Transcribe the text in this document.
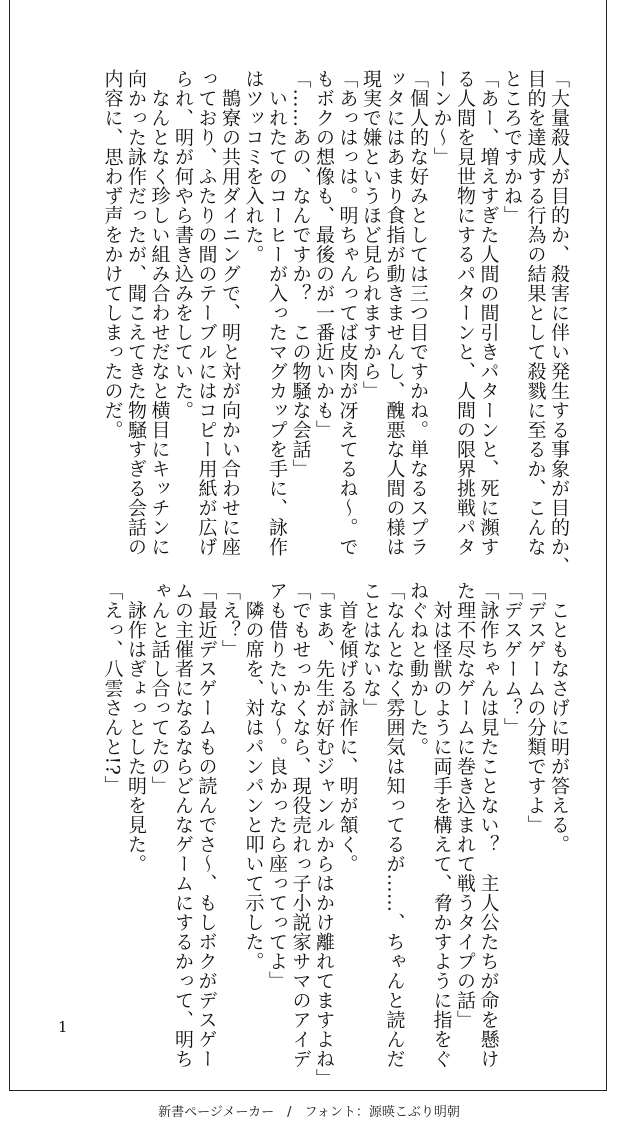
「大量殺人が目的か、殺害に伴い発生する事象が目的か、

目的を達成する行為の結果として殺戮に至るか、こんな

ところですかね」

「あー、増えすぎた人間の間引きパターンと、死に瀕す

る人間を見世物にするパターンと、人間の限界挑戦パタ

ーンか〜」

「個人的な好みとしては三つ目ですかね。単なるスプラ

ッタにはあまり食指が動きませんし、醜悪な人間の様は

現実で嫌というほど見られますから」

「あっはっは。明ちゃんってば皮肉が冴えてるね〜。で

もボクの想像も、最後のが一番近いかも」

「……あの、なんですか？　この物騒な会話」

　いれたてのコーヒーが入ったマグカップを手に、詠作

はツッコミを入れた。

　鵲寮の共用ダイニングで、明と対が向かい合わせに座

っており、ふたりの間のテーブルにはコピー用紙が広げ

られ、明が何やら書き込みをしていた。

　なんとなく珍しい組み合わせだなと横目にキッチンに

向かった詠作だったが、聞こえてきた物騒すぎる会話の

内容に、思わず声をかけてしまったのだ。

　こともなさげに明が答える。

「デスゲームの分類ですよ」

「デスゲーム？」

「詠作ちゃんは見たことない？　主人公たちが命を懸け

た理不尽なゲームに巻き込まれて戦うタイプの話」

　対は怪獣のように両手を構えて、脅かすように指をぐ

ねぐねと動かした。

「なんとなく雰囲気は知ってるが……、ちゃんと読んだ

ことはないな」

　首を傾げる詠作に、明が頷く。

「まあ、先生が好むジャンルからはかけ離れてますよね」

「でもせっかくなら、現役売れっ子小説家サマのアイデ

アも借りたいな〜。良かったら座ってってよ」

　隣の席を、対はパンパンと叩いて示した。

「え？」

「最近デスゲームもの読んでさ〜、もしボクがデスゲー

ムの主催者になるならどんなゲームにするかって、明ち

ゃんと話し合ってたの」

　詠作はぎょっとした明を見た。

「えっ、八雲さんと!?」

1
新書ページメーカー　/　フォント：源暎こぶり明朝
